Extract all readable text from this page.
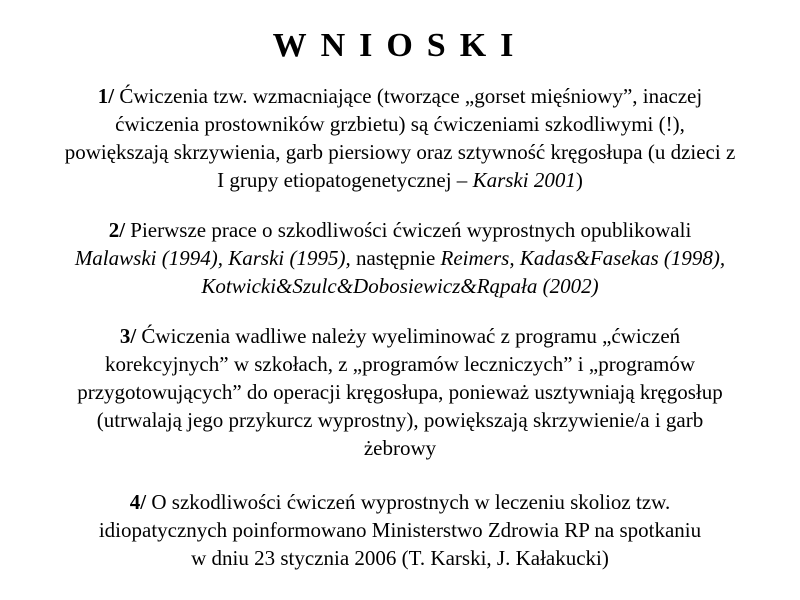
WNIOSKI
1/ Ćwiczenia tzw. wzmacniające (tworzące „gorset mięśniowy”, inaczej
ćwiczenia prostowników grzbietu) są ćwiczeniami szkodliwymi (!),
powiększają skrzywienia, garb piersiowy oraz sztywność kręgosłupa (u dzieci z
I grupy etiopatogenetycznej – Karski 2001)
2/ Pierwsze prace o szkodliwości ćwiczeń wyprostnych opublikowali
Malawski (1994), Karski (1995), następnie Reimers, Kadas&Fasekas (1998),
Kotwicki&Szulc&Dobosiewicz&Rąpała (2002)
3/ Ćwiczenia wadliwe należy wyeliminować z programu „ćwiczeń
korekcyjnych” w szkołach, z „programów leczniczych” i „programów
przygotowujących” do operacji kręgosłupa, ponieważ usztywniają kręgosłup
(utrwalają jego przykurcz wyprostny), powiększają skrzywienie/a i garb
żebrowy
4/ O szkodliwości ćwiczeń wyprostnych w leczeniu skolioz tzw.
idiopatycznych poinformowano Ministerstwo Zdrowia RP na spotkaniu
w dniu 23 stycznia 2006 (T. Karski, J. Kałakucki)
